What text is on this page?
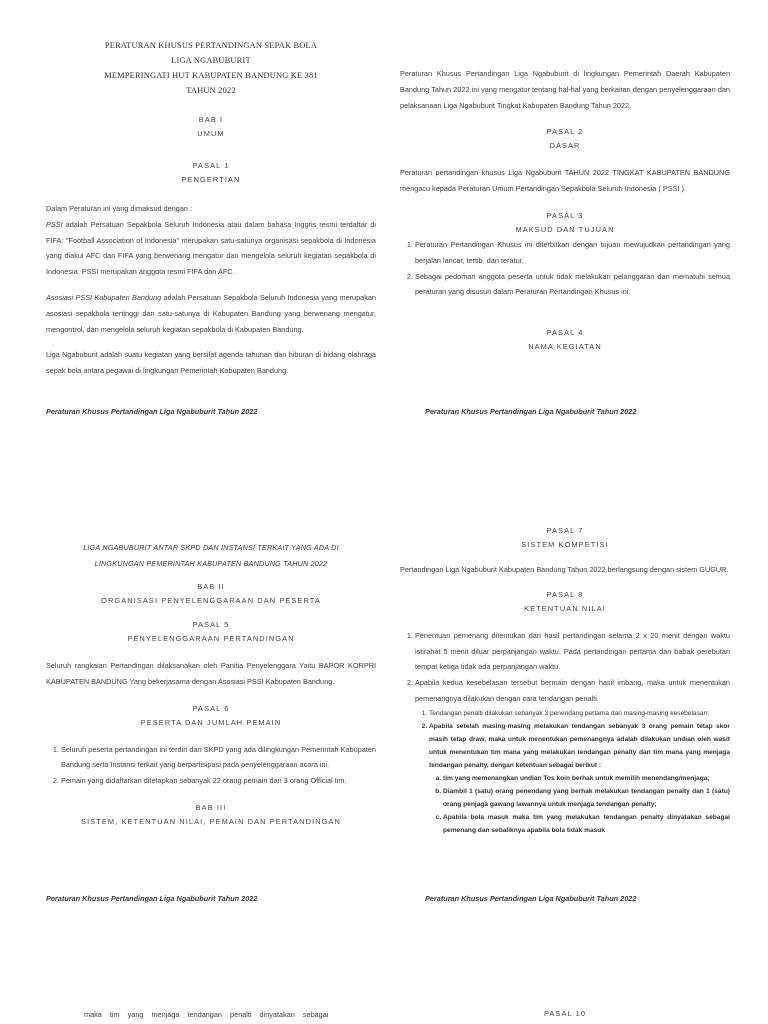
PERATURAN KHUSUS PERTANDINGAN SEPAK BOLA
LIGA NGABUBURIT
MEMPERINGATI HUT KABUPATEN BANDUNG KE 381
TAHUN 2022
BAB I
UMUM
PASAL 1
PENGERTIAN
Dalam Peraturan ini yang dimaksud dengan :
PSSI adalah Persatuan Sepakbola Seluruh Indonesia atau dalam bahasa Inggris resmi terdaftar di FIFA: "Football Association of Indonesia" merupakan satu-satunya organisasi sepakbola di Indonesia yang diakui AFC dan FIFA yang berwenang mengatur dan mengelola seluruh kegiatan sepakbola di Indonesia. PSSI merupakan anggota resmi FIFA dan AFC.
Asosiasi PSSI Kabupaten Bandung adalah Persatuan Sepakbola Seluruh Indonesia yang merupakan asosiasi sepakbola tertinggi dan satu-satunya di Kabupaten Bandung yang berwenang mengatur, mengontrol, dan mengelola seluruh kegiatan sepakbola di Kabupaten Bandung.
Liga Ngabuburit adalah suatu kegiatan yang bersifat agenda tahunan dan hiburan di bidang olahraga sepak bola antara pegawai di lingkungan Pemerintah Kabupaten Bandung.
Peraturan Khusus Pertandingan Liga Ngabuburit Tahun 2022
Peraturan Khusus Pertandingan Liga Ngabuburit di lingkungan Pemerintah Daerah Kabupaten Bandung Tahun 2022 ini yang mengatur tentang hal-hal yang berkaitan dengan penyelenggaraan dan pelaksanaan Liga Ngabuburit Tingkat Kabupaten Bandung Tahun 2022.
PASAL 2
DASAR
Peraturan pertandingan khusus Liga Ngabuburit TAHUN 2022 TINGKAT KABUPATEN BANDUNG mengacu kepada Peraturan Umum Pertandingan Sepakbola Seluruh Indonesia ( PSSI ).
PASAL 3
MAKSUD DAN TUJUAN
1. Peraturan Pertandingan Khusus ini diterbitkan dengan tujuan mewujudkan pertandingan yang berjalan lancar, tertib, dan teratur.
2. Sebagai pedoman anggota peserta untuk tidak melakukan pelanggaran dan mematuhi semua peraturan yang disusun dalam Peraturan Pertandingan Khusus ini.
PASAL 4
NAMA KEGIATAN
Peraturan Khusus Pertandingan Liga Ngabuburit Tahun 2022
LIGA NGABUBURIT ANTAR SKPD DAN INSTANSI TERKAIT YANG ADA DI
LINGKUNGAN PEMERINTAH KABUPATEN BANDUNG TAHUN 2022
BAB II
ORGANISASI PENYELENGGARAAN DAN PESERTA
PASAL 5
PENYELENGGARAAN PERTANDINGAN
Seluruh rangkaian Pertandingan dilaksanakan oleh Panitia Penyelenggara Yaitu BAPOR KORPRI KABUPATEN BANDUNG Yang bekerjasama dengan Asosiasi PSSI Kabupaten Bandung.
PASAL 6
PESERTA DAN JUMLAH PEMAIN
1. Seluruh peserta pertandingan ini terdiri dari SKPD yang ada dilingkungan Pemerintah Kabupaten Bandung serta Instansi terkait yang berpartisipasi pada penyelenggaraan acara ini.
2. Pemain yang didaftarkan ditetapkan sebanyak 22 orang pemain dan 3 orang Official tim.
BAB III
SISTEM, KETENTUAN NILAI, PEMAIN DAN PERTANDINGAN
Peraturan Khusus Pertandingan Liga Ngabuburit Tahun 2022
PASAL 7
SISTEM KOMPETISI
Pertandingan Liga Ngabuburit Kabupaten Bandung Tahun 2022 berlangsung dengan sistem GUGUR.
PASAL 8
KETENTUAN NILAI
1. Penentuan pemenang ditentukan dari hasil pertandingan selama 2 x 20 menit dengan waktu istirahat 5 menit diluar perpanjangan waktu. Pada pertandingan pertama dan babak perebutan tempat ketiga tidak ada perpanjangan waktu.
2. Apabila kedua kesebelasan tersebut bermain dengan hasil imbang, maka untuk menentukan pemenangnya dilakukan dengan cara tendangan penalti.
1. Tendangan penalti dilakukan sebanyak 3 penendang pertama dari masing-masing kesebelasan;
2. Apabila setelah masing-masing melakukan tendangan sebanyak 3 orang pemain tetap skor masih tetap draw, maka untuk menentukan pemenangnya adalah dilakukan undian oleh wasit untuk menentukan tim mana yang melakukan tendangan penalty dan tim mana yang menjaga tendangan penalty, dengan ketentuan sebagai berikut :
a. tim yang memenangkan undian Tos koin berhak untuk memilih menendang/menjaga;
b. Diambil 1 (satu) orang penendang yang berhak melakukan tendangan penalty dan 1 (satu) orang penjaga gawang lawannya untuk menjaga tendangan penalty;
c. Apabila bola masuk maka tim yang melakukan tendangan penalty dinyatakan sebagai pemenang dan sebaliknya apabila bola tidak masuk
Peraturan Khusus Pertandingan Liga Ngabuburit Tahun 2022
maka tim yang menjaga tendangan penalti dinyatakan sebagai	PASAL 10
